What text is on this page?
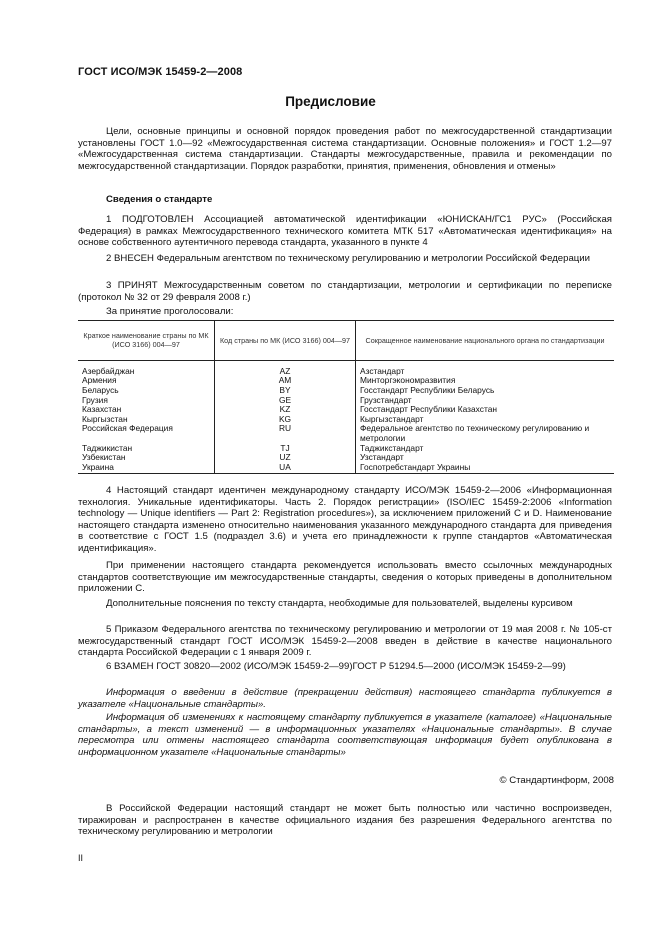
ГОСТ ИСО/МЭК 15459-2—2008
Предисловие

Цели, основные принципы и основной порядок проведения работ по межгосударственной стандартизации установлены ГОСТ 1.0—92 «Межгосударственная система стандартизации. Основные положения» и ГОСТ 1.2—97 «Межгосударственная система стандартизации. Стандарты межгосударственные, правила и рекомендации по межгосударственной стандартизации. Порядок разработки, принятия, применения, обновления и отмены»

Сведения о стандарте

1 ПОДГОТОВЛЕН Ассоциацией автоматической идентификации «ЮНИСКАН/ГС1 РУС» (Российская Федерация) в рамках Межгосударственного технического комитета МТК 517 «Автоматическая идентификация» на основе собственного аутентичного перевода стандарта, указанного в пункте 4

2 ВНЕСЕН Федеральным агентством по техническому регулированию и метрологии Российской Федерации

3 ПРИНЯТ Межгосударственным советом по стандартизации, метрологии и сертификации по переписке (протокол № 32 от 29 февраля 2008 г.)

За принятие проголосовали:

Краткое наименование страны по МК (ИСО 3166) 004—97	Код страны по МК (ИСО 3166) 004—97	Сокращенное наименование национального органа по стандартизации
Азербайджан	AZ	Азстандарт
Армения	AM	Минторгэкономразвития
Беларусь	BY	Госстандарт Республики Беларусь
Грузия	GE	Грузстандарт
Казахстан	KZ	Госстандарт Республики Казахстан
Кыргызстан	KG	Кыргызстандарт
Российская Федерация	RU	Федеральное агентство по техническому регулированию и метрологии
Таджикистан	TJ	Таджикстандарт
Узбекистан	UZ	Узстандарт
Украина	UA	Госпотребстандарт Украины

4 Настоящий стандарт идентичен международному стандарту ИСО/МЭК 15459-2—2006 «Информационная технология. Уникальные идентификаторы. Часть 2. Порядок регистрации» (ISO/IEC 15459-2:2006 «Information technology — Unique identifiers — Part 2: Registration procedures»), за исключением приложений С и D. Наименование настоящего стандарта изменено относительно наименования указанного международного стандарта для приведения в соответствие с ГОСТ 1.5 (подраздел 3.6) и учета его принадлежности к группе стандартов «Автоматическая идентификация».

При применении настоящего стандарта рекомендуется использовать вместо ссылочных международных стандартов соответствующие им межгосударственные стандарты, сведения о которых приведены в дополнительном приложении С.

Дополнительные пояснения по тексту стандарта, необходимые для пользователей, выделены курсивом

5 Приказом Федерального агентства по техническому регулированию и метрологии от 19 мая 2008 г. № 105-ст межгосударственный стандарт ГОСТ ИСО/МЭК 15459-2—2008 введен в действие в качестве национального стандарта Российской Федерации с 1 января 2009 г.

6 ВЗАМЕН ГОСТ 30820—2002 (ИСО/МЭК 15459-2—99)ГОСТ Р 51294.5—2000 (ИСО/МЭК 15459-2—99)

Информация о введении в действие (прекращении действия) настоящего стандарта публикуется в указателе «Национальные стандарты».

Информация об изменениях к настоящему стандарту публикуется в указателе (каталоге) «Национальные стандарты», а текст изменений — в информационных указателях «Национальные стандарты». В случае пересмотра или отмены настоящего стандарта соответствующая информация будет опубликована в информационном указателе «Национальные стандарты»

© Стандартинформ, 2008

В Российской Федерации настоящий стандарт не может быть полностью или частично воспроизведен, тиражирован и распространен в качестве официального издания без разрешения Федерального агентства по техническому регулированию и метрологии

II
